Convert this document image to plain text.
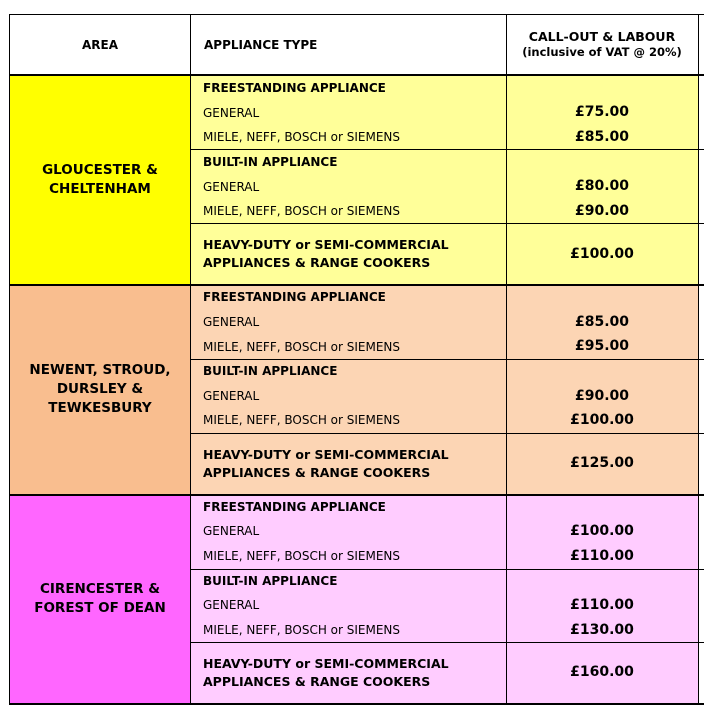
AREA	APPLIANCE TYPE
CALL-OUT & LABOUR
(inclusive of VAT @ 20%)
GLOUCESTER &
CHELTENHAM
FREESTANDING APPLIANCE
GENERAL
MIELE, NEFF, BOSCH or SIEMENS
BUILT-IN APPLIANCE
GENERAL
MIELE, NEFF, BOSCH or SIEMENS
HEAVY-DUTY or SEMI-COMMERCIAL
APPLIANCES & RANGE COOKERS
£75.00
£85.00
£80.00
£90.00
£100.00
NEWENT, STROUD,
DURSLEY &
TEWKESBURY
FREESTANDING APPLIANCE
GENERAL
MIELE, NEFF, BOSCH or SIEMENS
BUILT-IN APPLIANCE
GENERAL
MIELE, NEFF, BOSCH or SIEMENS
HEAVY-DUTY or SEMI-COMMERCIAL
APPLIANCES & RANGE COOKERS
£85.00
£95.00
£90.00
£100.00
£125.00
CIRENCESTER &
FOREST OF DEAN
FREESTANDING APPLIANCE
GENERAL
MIELE, NEFF, BOSCH or SIEMENS
BUILT-IN APPLIANCE
GENERAL
MIELE, NEFF, BOSCH or SIEMENS
HEAVY-DUTY or SEMI-COMMERCIAL
APPLIANCES & RANGE COOKERS
£100.00
£110.00
£110.00
£130.00
£160.00
